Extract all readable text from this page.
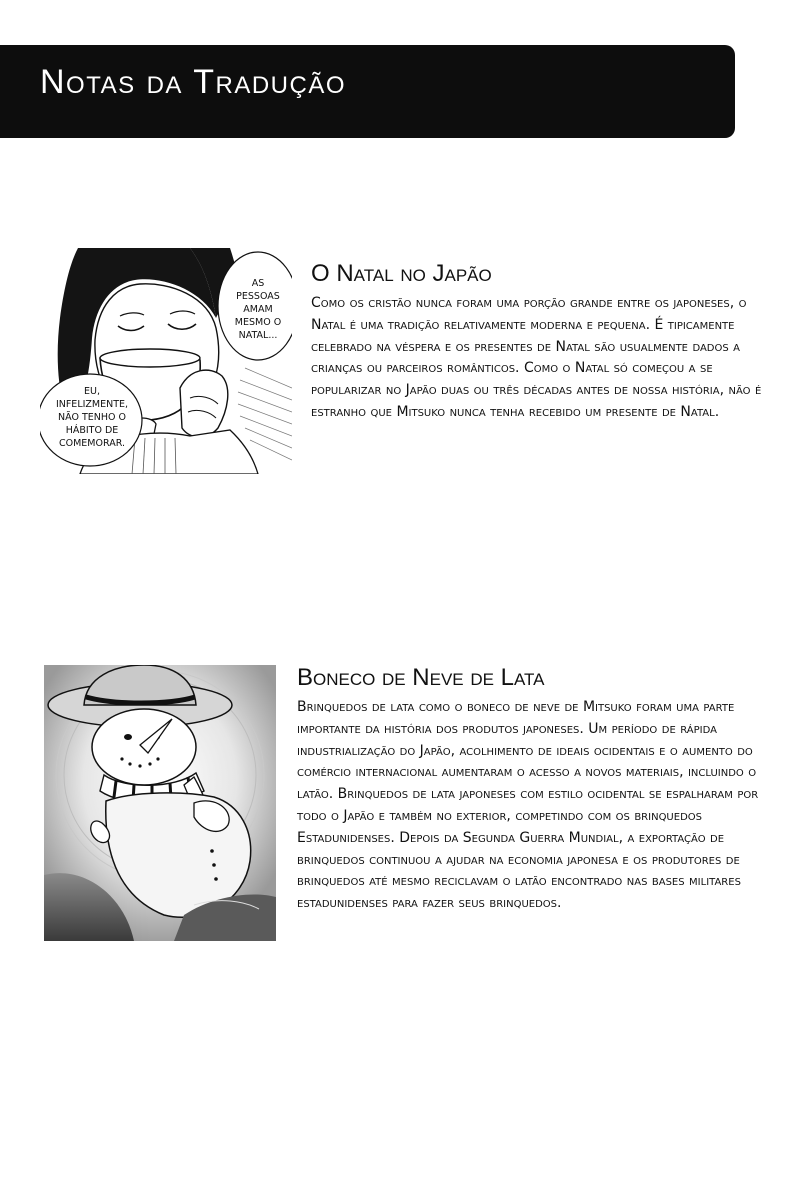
Notas da Tradução
AS
PESSOAS
AMAM
MESMO O
NATAL...
EU,
INFELIZMENTE,
NÃO TENHO O
HÁBITO DE
COMEMORAR.
O Natal no Japão

Como os cristão nunca foram uma porção grande entre os japoneses, o Natal é uma tradição relativamente moderna e pequena. É tipicamente celebrado na véspera e os presentes de Natal são usualmente dados a crianças ou parceiros românticos. Como o Natal só começou a se popularizar no Japão duas ou três décadas antes de nossa história, não é estranho que Mitsuko nunca tenha recebido um presente de Natal.

Boneco de Neve de Lata

Brinquedos de lata como o boneco de neve de Mitsuko foram uma parte importante da história dos produtos japoneses. Um período de rápida industrialização do Japão, acolhimento de ideais ocidentais e o aumento do comércio internacional aumentaram o acesso a novos materiais, incluindo o latão. Brinquedos de lata japoneses com estilo ocidental se espalharam por todo o Japão e também no exterior, competindo com os brinquedos Estadunidenses. Depois da Segunda Guerra Mundial, a exportação de brinquedos continuou a ajudar na economia japonesa e os produtores de brinquedos até mesmo reciclavam o latão encontrado nas bases militares estadunidenses para fazer seus brinquedos.
